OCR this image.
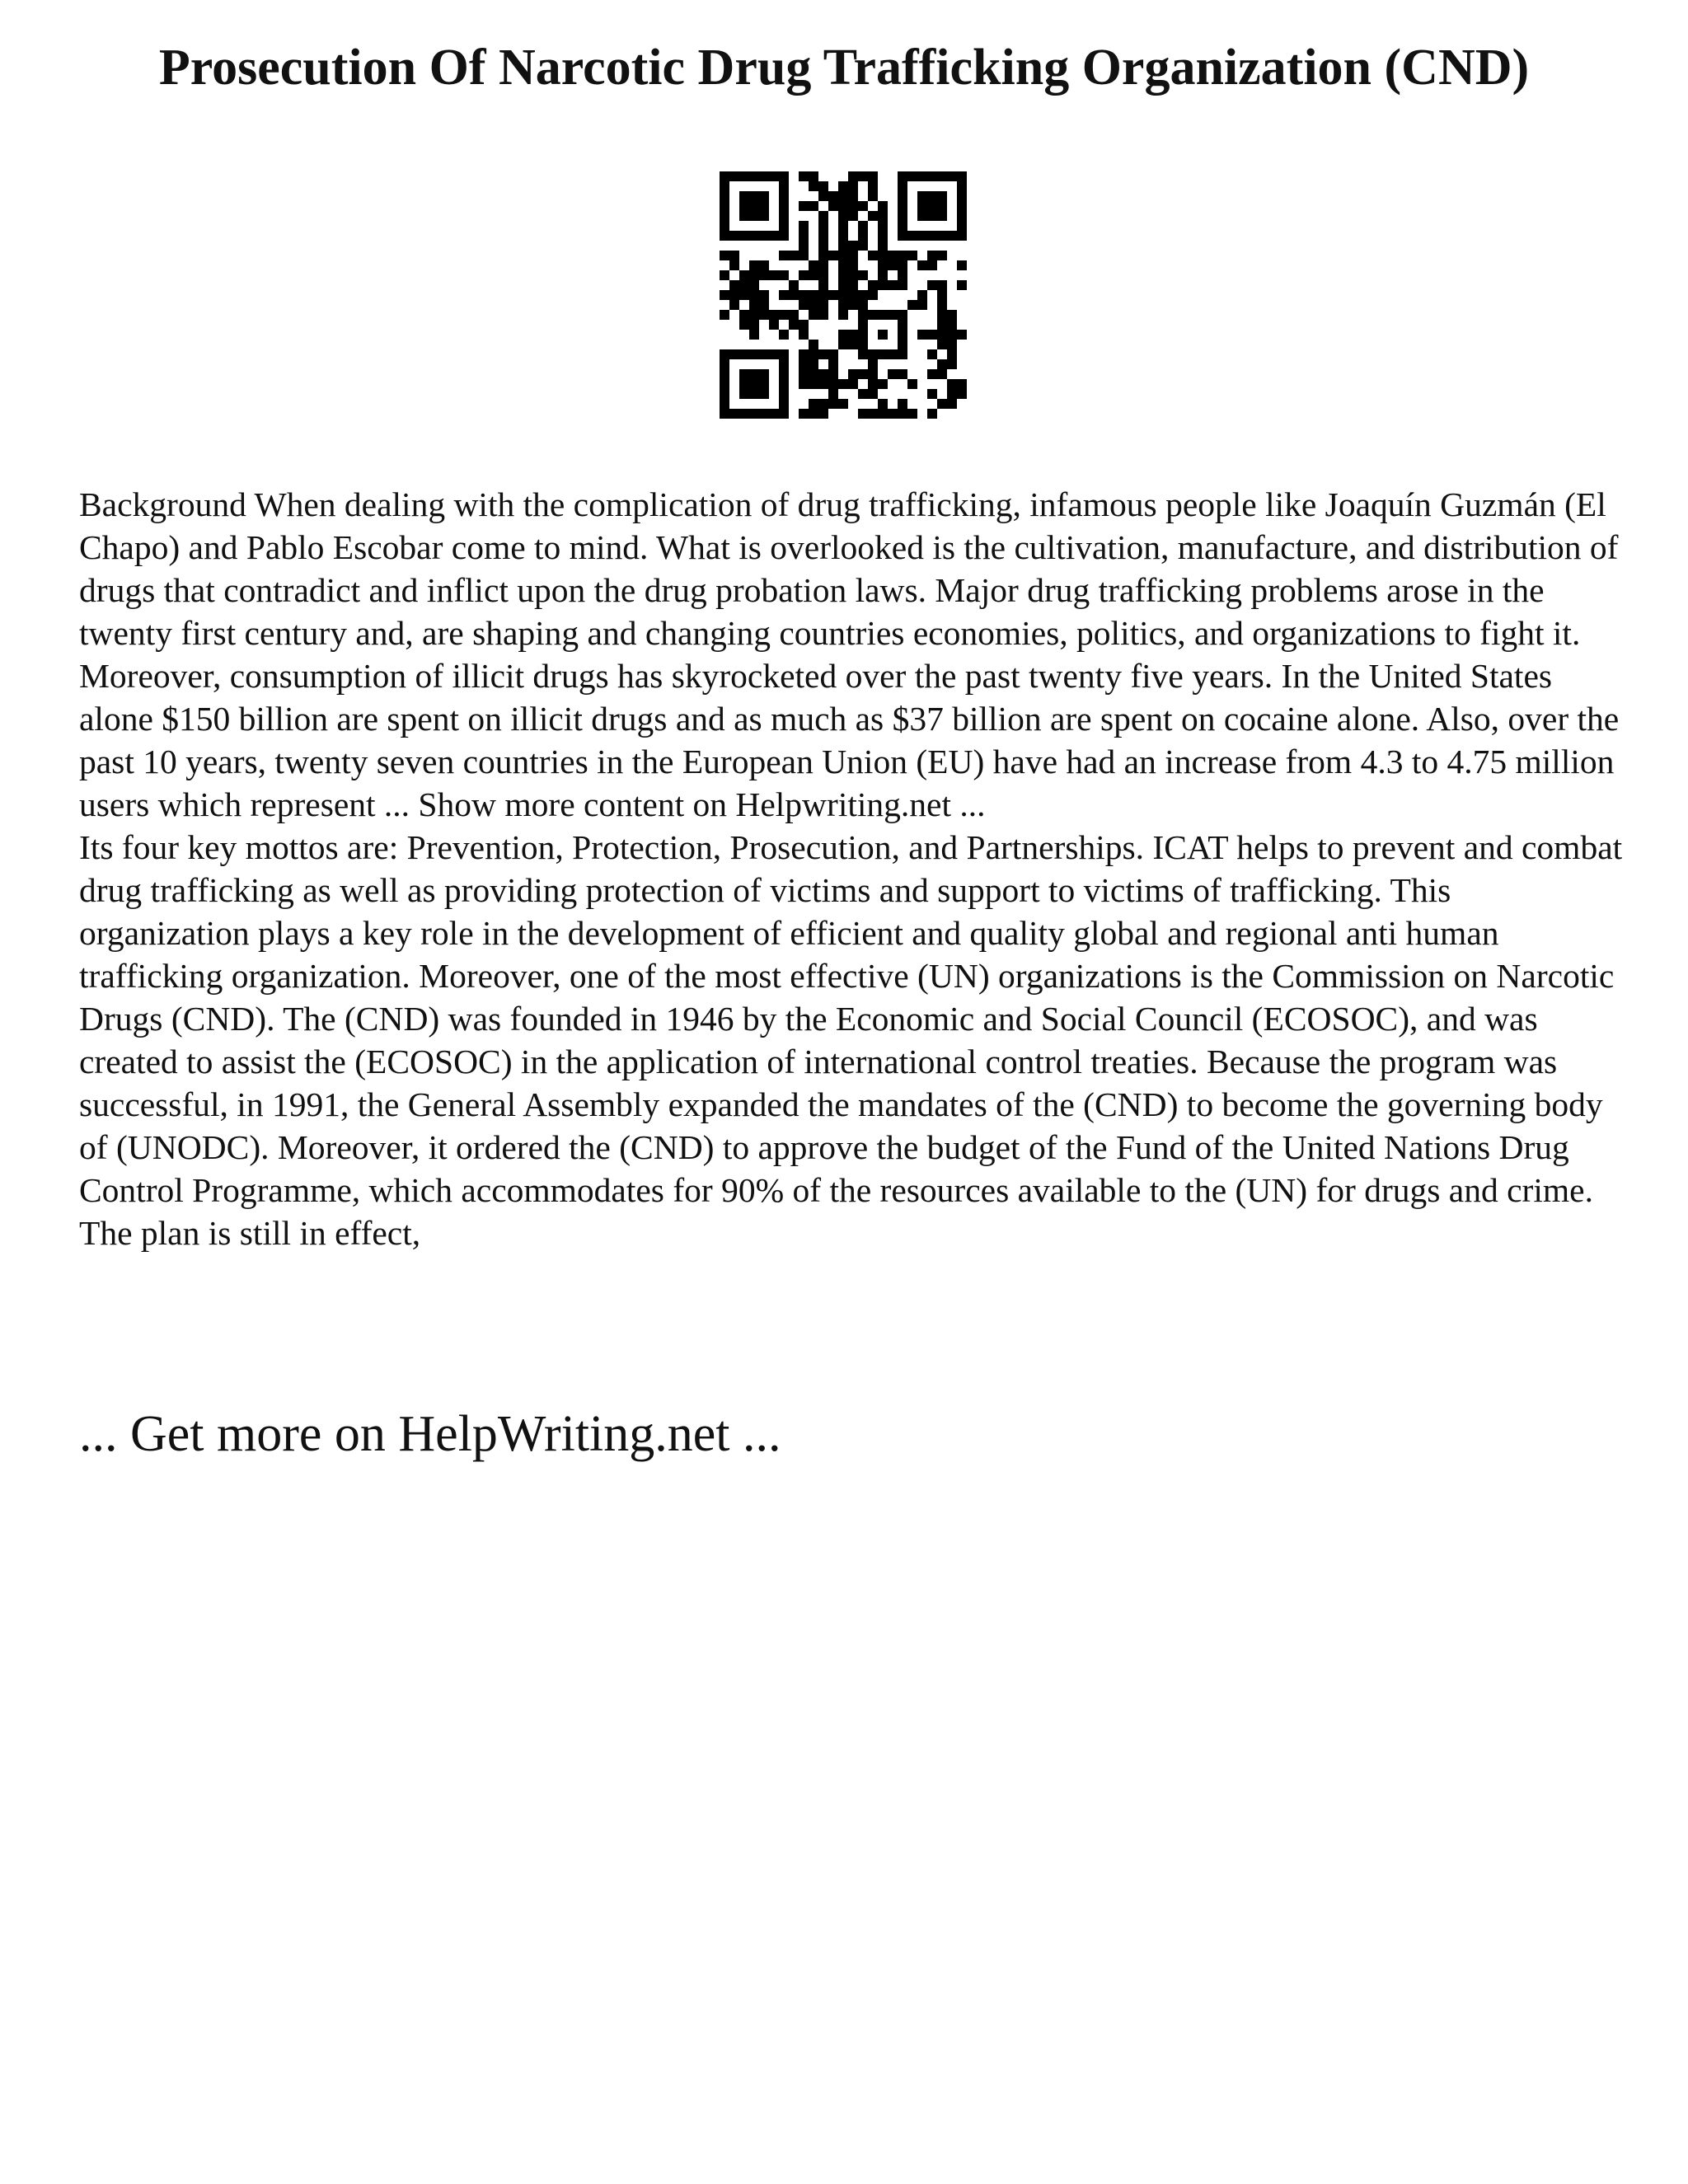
Prosecution Of Narcotic Drug Trafficking Organization (CND)

Background When dealing with the complication of drug trafficking, infamous people like Joaquín Guzmán (El Chapo) and Pablo Escobar come to mind. What is overlooked is the cultivation, manufacture, and distribution of drugs that contradict and inflict upon the drug probation laws. Major drug trafficking problems arose in the twenty first century and, are shaping and changing countries economies, politics, and organizations to fight it. Moreover, consumption of illicit drugs has skyrocketed over the past twenty five years. In the United States alone $150 billion are spent on illicit drugs and as much as $37 billion are spent on cocaine alone. Also, over the past 10 years, twenty seven countries in the European Union (EU) have had an increase from 4.3 to 4.75 million users which represent ... Show more content on Helpwriting.net ...

Its four key mottos are: Prevention, Protection, Prosecution, and Partnerships. ICAT helps to prevent and combat drug trafficking as well as providing protection of victims and support to victims of trafficking. This organization plays a key role in the development of efficient and quality global and regional anti human trafficking organization. Moreover, one of the most effective (UN) organizations is the Commission on Narcotic Drugs (CND). The (CND) was founded in 1946 by the Economic and Social Council (ECOSOC), and was created to assist the (ECOSOC) in the application of international control treaties. Because the program was successful, in 1991, the General Assembly expanded the mandates of the (CND) to become the governing body of (UNODC). Moreover, it ordered the (CND) to approve the budget of the Fund of the United Nations Drug Control Programme, which accommodates for 90% of the resources available to the (UN) for drugs and crime. The plan is still in effect,

... Get more on HelpWriting.net ...
